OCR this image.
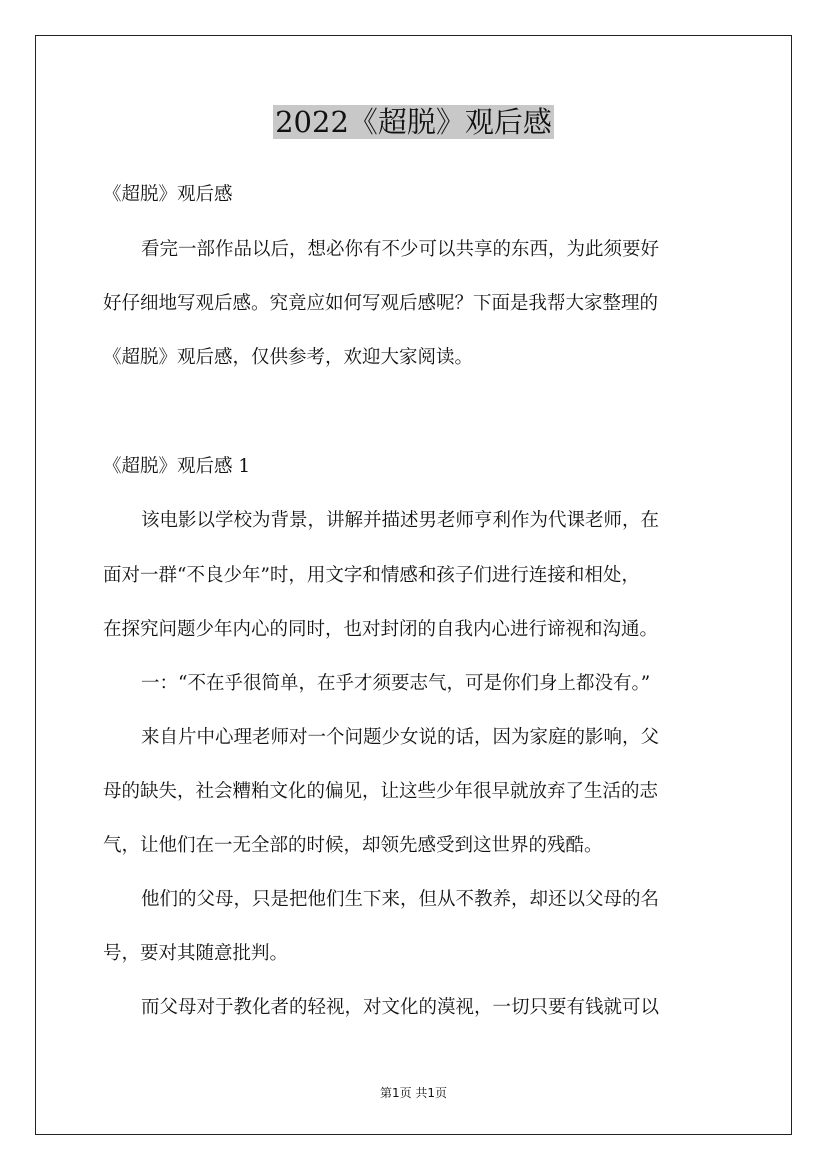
2022《超脱》观后感
《超脱》观后感
看完一部作品以后，想必你有不少可以共享的东西，为此须要好
好仔细地写观后感。究竟应如何写观后感呢？下面是我帮大家整理的
《超脱》观后感，仅供参考，欢迎大家阅读。
《超脱》观后感 1
该电影以学校为背景，讲解并描述男老师亨利作为代课老师，在
面对一群“不良少年”时，用文字和情感和孩子们进行连接和相处，
在探究问题少年内心的同时，也对封闭的自我内心进行谛视和沟通。
一：“不在乎很简单，在乎才须要志气，可是你们身上都没有。”
来自片中心理老师对一个问题少女说的话，因为家庭的影响，父
母的缺失，社会糟粕文化的偏见，让这些少年很早就放弃了生活的志
气，让他们在一无全部的时候，却领先感受到这世界的残酷。
他们的父母，只是把他们生下来，但从不教养，却还以父母的名
号，要对其随意批判。
而父母对于教化者的轻视，对文化的漠视，一切只要有钱就可以
第1页 共1页
